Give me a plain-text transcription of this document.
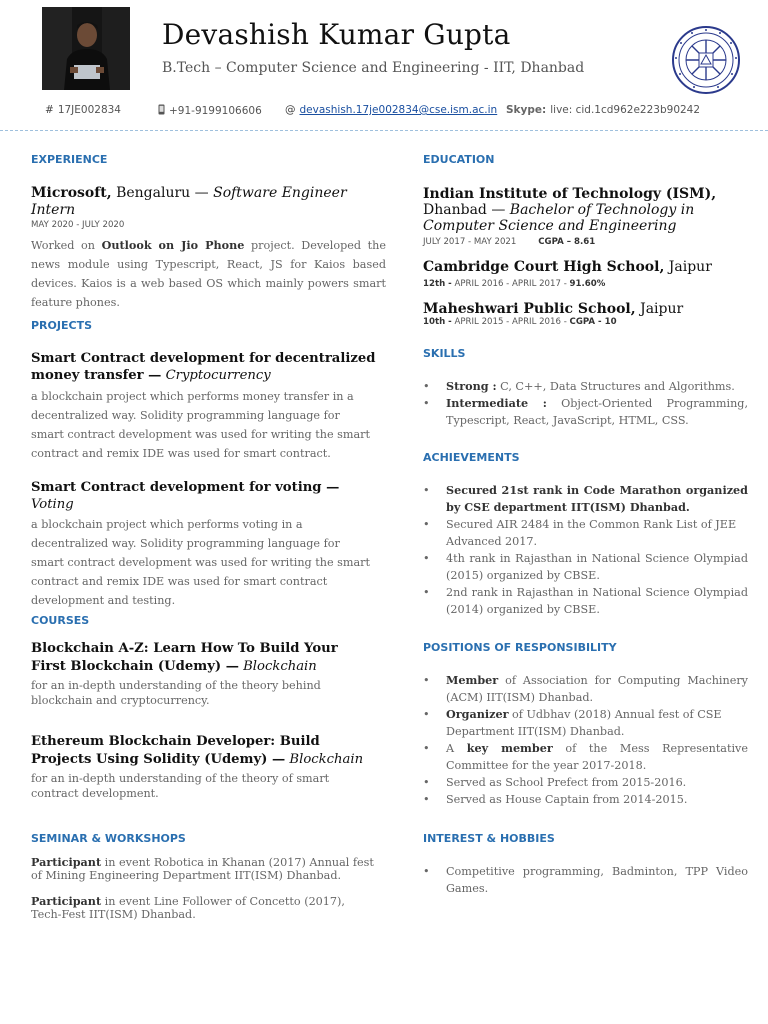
Devashish Kumar Gupta
B.Tech – Computer Science and Engineering - IIT, Dhanbad
# 17JE002834	+91-9199106606 @ devashish.17je002834@cse.ism.ac.in Skype: live: cid.1cd962e223b90242
EXPERIENCE
Microsoft, Bengaluru — Software Engineer Intern
MAY 2020 - JULY 2020
Worked on Outlook on Jio Phone project. Developed the news module using Typescript, React, JS for Kaios based devices. Kaios is a web based OS which mainly powers smart feature phones.
PROJECTS
Smart Contract development for decentralized money transfer — Cryptocurrency
a blockchain project which performs money transfer in a decentralized way. Solidity programming language for smart contract development was used for writing the smart contract and remix IDE was used for smart contract.
Smart Contract development for voting — Voting
a blockchain project which performs voting in a decentralized way. Solidity programming language for smart contract development was used for writing the smart contract and remix IDE was used for smart contract development and testing.
COURSES
Blockchain A-Z: Learn How To Build Your First Blockchain (Udemy) — Blockchain
for an in-depth understanding of the theory behind blockchain and cryptocurrency.
Ethereum Blockchain Developer: Build Projects Using Solidity (Udemy) — Blockchain
for an in-depth understanding of the theory of smart contract development.
SEMINAR & WORKSHOPS
Participant in event Robotica in Khanan (2017) Annual fest of Mining Engineering Department IIT(ISM) Dhanbad.
Participant in event Line Follower of Concetto (2017), Tech-Fest IIT(ISM) Dhanbad.
EDUCATION
Indian Institute of Technology (ISM), Dhanbad — Bachelor of Technology in Computer Science and Engineering
JULY 2017 - MAY 2021	CGPA – 8.61
Cambridge Court High School, Jaipur
12th - APRIL 2016 - APRIL 2017 - 91.60%
Maheshwari Public School, Jaipur
10th - APRIL 2015 - APRIL 2016 - CGPA - 10
SKILLS
• Strong : C, C++, Data Structures and Algorithms.
• Intermediate : Object-Oriented Programming, Typescript, React, JavaScript, HTML, CSS.
ACHIEVEMENTS
• Secured 21st rank in Code Marathon organized by CSE department IIT(ISM) Dhanbad.
• Secured AIR 2484 in the Common Rank List of JEE Advanced 2017.
• 4th rank in Rajasthan in National Science Olympiad (2015) organized by CBSE.
• 2nd rank in Rajasthan in National Science Olympiad (2014) organized by CBSE.
POSITIONS OF RESPONSIBILITY
• Member of Association for Computing Machinery (ACM) IIT(ISM) Dhanbad.
• Organizer of Udbhav (2018) Annual fest of CSE Department IIT(ISM) Dhanbad.
• A key member of the Mess Representative Committee for the year 2017-2018.
• Served as School Prefect from 2015-2016.
• Served as House Captain from 2014-2015.
INTEREST & HOBBIES
• Competitive programming, Badminton, TPP Video Games.
